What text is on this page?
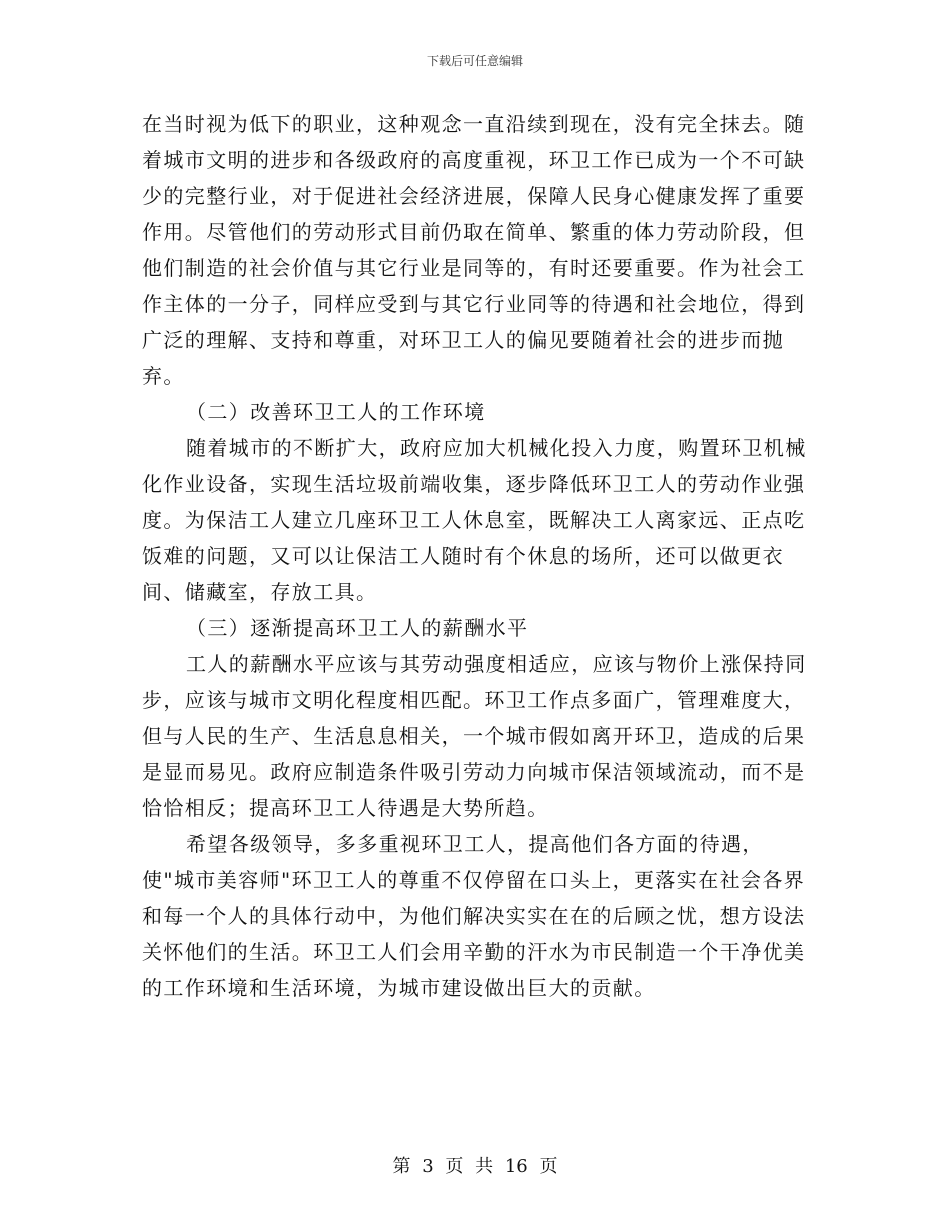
下载后可任意编辑

在当时视为低下的职业，这种观念一直沿续到现在，没有完全抹去。随着城市文明的进步和各级政府的高度重视，环卫工作已成为一个不可缺少的完整行业，对于促进社会经济进展，保障人民身心健康发挥了重要作用。尽管他们的劳动形式目前仍取在简单、繁重的体力劳动阶段，但他们制造的社会价值与其它行业是同等的，有时还要重要。作为社会工作主体的一分子，同样应受到与其它行业同等的待遇和社会地位，得到广泛的理解、支持和尊重，对环卫工人的偏见要随着社会的进步而抛弃。

（二）改善环卫工人的工作环境

随着城市的不断扩大，政府应加大机械化投入力度，购置环卫机械化作业设备，实现生活垃圾前端收集，逐步降低环卫工人的劳动作业强度。为保洁工人建立几座环卫工人休息室，既解决工人离家远、正点吃饭难的问题，又可以让保洁工人随时有个休息的场所，还可以做更衣间、储藏室，存放工具。

（三）逐渐提高环卫工人的薪酬水平

工人的薪酬水平应该与其劳动强度相适应，应该与物价上涨保持同步，应该与城市文明化程度相匹配。环卫工作点多面广，管理难度大，但与人民的生产、生活息息相关，一个城市假如离开环卫，造成的后果是显而易见。政府应制造条件吸引劳动力向城市保洁领域流动，而不是恰恰相反；提高环卫工人待遇是大势所趋。

希望各级领导，多多重视环卫工人，提高他们各方面的待遇，使"城市美容师"环卫工人的尊重不仅停留在口头上，更落实在社会各界和每一个人的具体行动中，为他们解决实实在在的后顾之忧，想方设法关怀他们的生活。环卫工人们会用辛勤的汗水为市民制造一个干净优美的工作环境和生活环境，为城市建设做出巨大的贡献。

第 3 页 共 16 页
